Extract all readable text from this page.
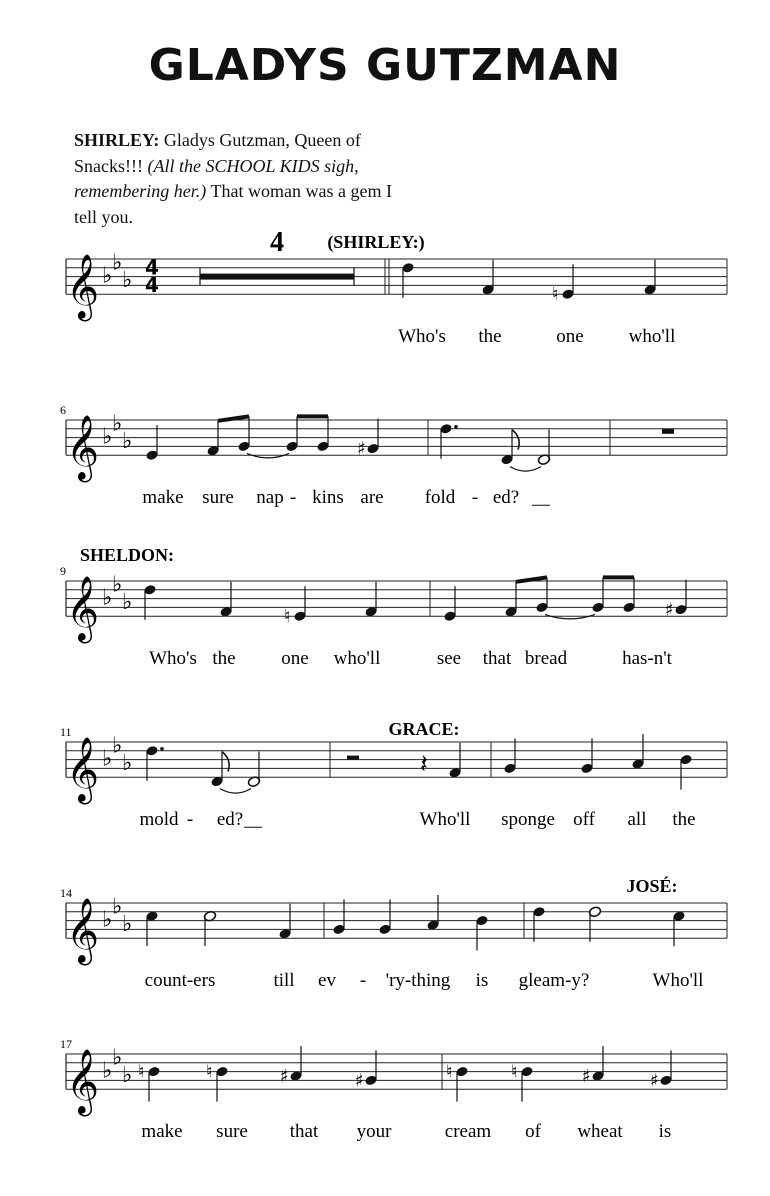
GLADYS GUTZMAN
SHIRLEY: Gladys Gutzman, Queen of Snacks!!! (All the SCHOOL KIDS sigh, remembering her.) That woman was a gem I tell you.
𝄞 ♭
♭
♭
4
4
(SHIRLEY:)
4
♮
Who's the	one who'll
𝄞 ♭
♭
♭
6
♯
make sure nap - kins are fold - ed?
𝄞 ♭
♭
♭
9
SHELDON:
♮	♯
Who's the one who'll	see that bread	has-n't
𝄞 ♭
♭
♭
11	GRACE:
𝄽
mold - ed?	Who'll sponge off all the
𝄞 ♭
♭
♭
14	JOSÉ:
count-ers	till ev - 'ry-thing is gleam-y?	Who'll
𝄞 ♭
♭
♭
17
♮	♮	♯	♯	♮	♮	♯	♯
make sure that your	cream of wheat is
